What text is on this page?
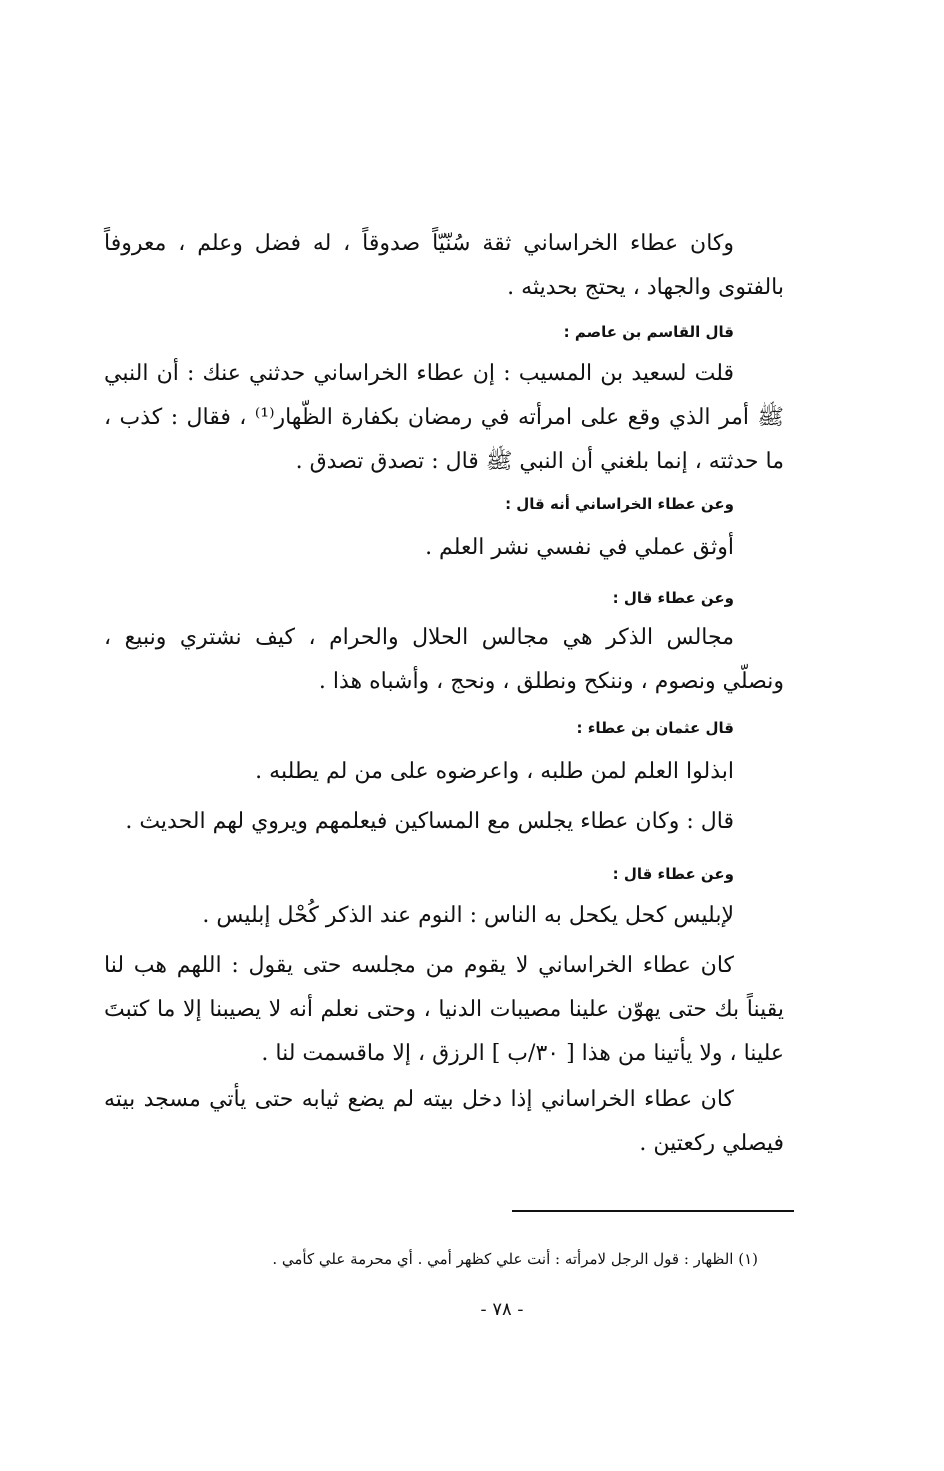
وكان عطاء الخراساني ثقة سُنّيّاً صدوقاً ، له فضل وعلم ، معروفاً بالفتوى والجهاد ، يحتج بحديثه .

قال القاسم بن عاصم :

قلت لسعيد بن المسيب : إن عطاء الخراساني حدثني عنك : أن النبي ﷺ أمر الذي وقع على امرأته في رمضان بكفارة الظّهار⁽¹⁾ ، فقال : كذب ، ما حدثته ، إنما بلغني أن النبي ﷺ قال : تصدق تصدق .

وعن عطاء الخراساني أنه قال :
أوثق عملي في نفسي نشر العلم .
وعن عطاء قال :

مجالس الذكر هي مجالس الحلال والحرام ، كيف نشتري ونبيع ، ونصلّي ونصوم ، وننكح ونطلق ، ونحج ، وأشباه هذا .

قال عثمان بن عطاء :
ابذلوا العلم لمن طلبه ، واعرضوه على من لم يطلبه .
قال : وكان عطاء يجلس مع المساكين فيعلمهم ويروي لهم الحديث .
وعن عطاء قال :
لإبليس كحل يكحل به الناس : النوم عند الذكر كُحْل إبليس .

كان عطاء الخراساني لا يقوم من مجلسه حتى يقول : اللهم هب لنا يقيناً بك حتى يهوّن علينا مصيبات الدنيا ، وحتى نعلم أنه لا يصيبنا إلا ما كتبتَ علينا ، ولا يأتينا من هذا [ ٣٠/ب ] الرزق ، إلا ماقسمت لنا .

كان عطاء الخراساني إذا دخل بيته لم يضع ثيابه حتى يأتي مسجد بيته فيصلي ركعتين .

(١) الظهار : قول الرجل لامرأته : أنت علي كظهر أمي . أي محرمة علي كأمي .
- ٧٨ -
